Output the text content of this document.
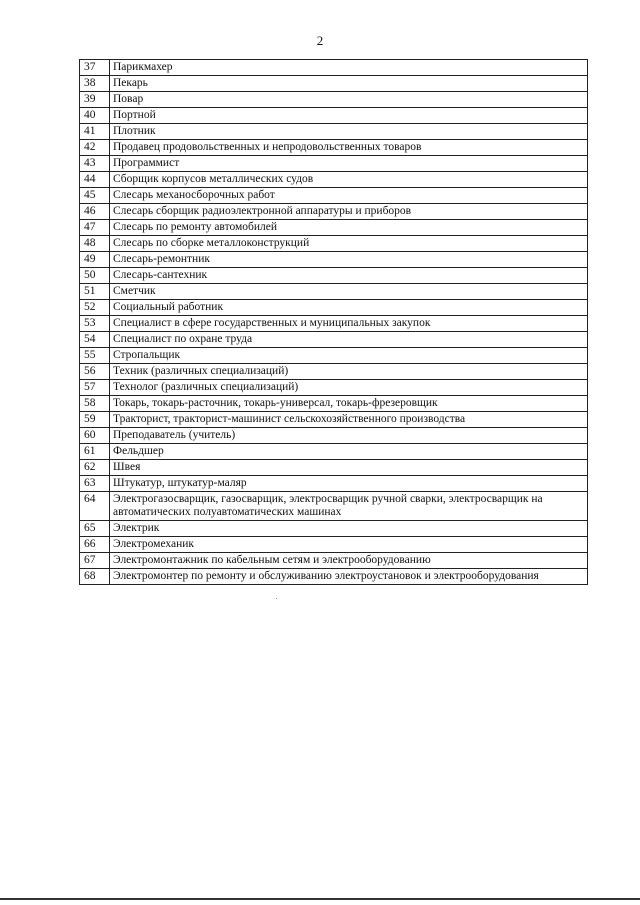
2
37	Парикмахер
38	Пекарь
39	Повар
40	Портной
41	Плотник
42	Продавец продовольственных и непродовольственных товаров
43	Программист
44	Сборщик корпусов металлических судов
45	Слесарь механосборочных работ
46	Слесарь сборщик радиоэлектронной аппаратуры и приборов
47	Слесарь по ремонту автомобилей
48	Слесарь по сборке металлоконструкций
49	Слесарь-ремонтник
50	Слесарь-сантехник
51	Сметчик
52	Социальный работник
53	Специалист в сфере государственных и муниципальных закупок
54	Специалист по охране труда
55	Стропальщик
56	Техник (различных специализаций)
57	Технолог (различных специализаций)
58	Токарь, токарь-расточник, токарь-универсал, токарь-фрезеровщик
59	Тракторист, тракторист-машинист сельскохозяйственного производства
60	Преподаватель (учитель)
61	Фельдшер
62	Швея
63	Штукатур, штукатур-маляр
64	Электрогазосварщик, газосварщик, электросварщик ручной сварки, электросварщик на автоматических полуавтоматических машинах
65	Электрик
66	Электромеханик
67	Электромонтажник по кабельным сетям и электрооборудованию
68	Электромонтер по ремонту и обслуживанию электроустановок и электрооборудования
